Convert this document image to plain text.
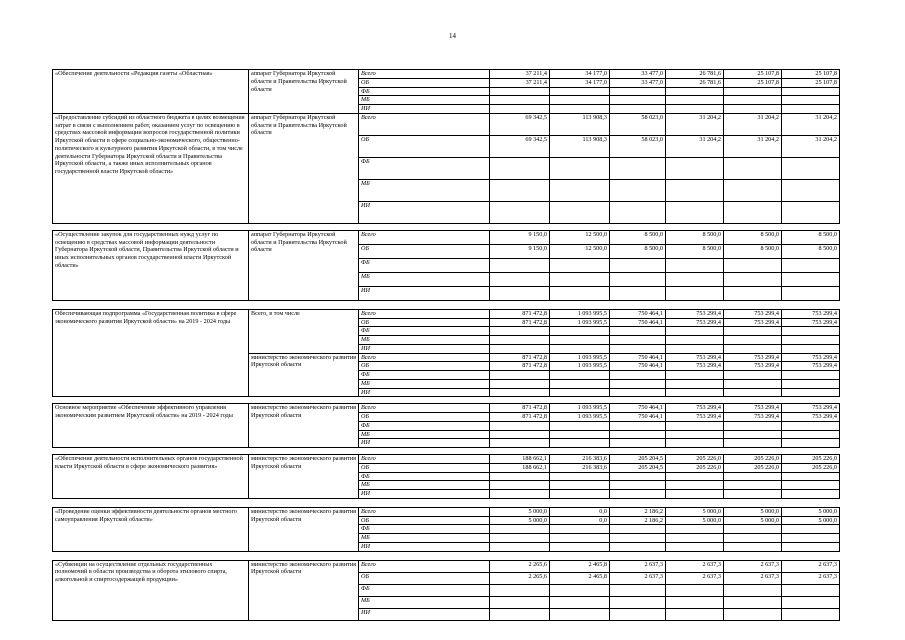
14
«Обеспечение деятельности «Редакция газеты «Областная»	аппарат Губернатора Иркутской области и Правительства Иркутской области	Всего	37 211,4	34 177,0	33 477,0	26 781,6	25 107,8	25 107,8
		ОБ	37 211,4	34 177,0	33 477,0	26 781,6	25 107,8	25 107,8
		ФБ						
		МБ						
		ИИ						
«Предоставление субсидий из областного бюджета в целях возмещения затрат в связи с выполнением работ, оказанием услуг по освещению в средствах массовой информации вопросов государственной политики Иркутской области в сфере социально-экономического, общественно-политического и культурного развития Иркутской области, в том числе деятельности Губернатора Иркутской области и Правительства Иркутской области, а также иных исполнительных органов государственной власти Иркутской области»	аппарат Губернатора Иркутской области и Правительства Иркутской области	Всего	69 342,5	113 908,3	58 023,0	31 204,2	31 204,2	31 204,2
		ОБ	69 342,5	113 908,3	58 023,0	31 204,2	31 204,2	31 204,2
		ФБ						
		МБ						
		ИИ						

«Осуществление закупок для государственных нужд услуг по освещению в средствах массовой информации деятельности Губернатора Иркутской области, Правительства Иркутской области и иных исполнительных органов государственной власти Иркутской области»	аппарат Губернатора Иркутской области и Правительства Иркутской области	Всего	9 150,0	12 500,0	8 500,0	8 500,0	8 500,0	8 500,0
		ОБ	9 150,0	12 500,0	8 500,0	8 500,0	8 500,0	8 500,0
		ФБ						
		МБ						
		ИИ						

Обеспечивающая подпрограмма «Государственная политика в сфере экономического развития Иркутской области» на 2019 - 2024 годы	Всего, в том числе	Всего	871 472,8	1 093 995,5	750 464,1	753 299,4	753 299,4	753 299,4
		ОБ	871 472,8	1 093 995,5	750 464,1	753 299,4	753 299,4	753 299,4
		ФБ						
		МБ						
		ИИ						
	министерство экономического развития Иркутской области	Всего	871 472,8	1 093 995,5	750 464,1	753 299,4	753 299,4	753 299,4
		ОБ	871 472,8	1 093 995,5	750 464,1	753 299,4	753 299,4	753 299,4
		ФБ						
		МБ						
		ИИ						

Основное мероприятие «Обеспечение эффективного управления экономическим развитием Иркутской области» на 2019 - 2024 годы	министерство экономического развития Иркутской области	Всего	871 472,8	1 093 995,5	750 464,1	753 299,4	753 299,4	753 299,4
		ОБ	871 472,8	1 093 995,5	750 464,1	753 299,4	753 299,4	753 299,4
		ФБ						
		МБ						
		ИИ						

«Обеспечение деятельности исполнительных органов государственной власти Иркутской области в сфере экономического развития»	министерство экономического развития Иркутской области	Всего	188 662,1	216 383,6	205 204,5	205 226,0	205 226,0	205 226,0
		ОБ	188 662,1	216 383,6	205 204,5	205 226,0	205 226,0	205 226,0
		ФБ						
		МБ						
		ИИ						

«Проведение оценки эффективности деятельности органов местного самоуправления Иркутской области»	министерство экономического развития Иркутской области	Всего	5 000,0	0,0	2 186,2	5 000,0	5 000,0	5 000,0
		ОБ	5 000,0	0,0	2 186,2	5 000,0	5 000,0	5 000,0
		ФБ						
		МБ						
		ИИ						

«Субвенции на осуществление отдельных государственных полномочий в области производства и оборота этилового спирта, алкогольной и спиртосодержащей продукции»	министерство экономического развития Иркутской области	Всего	2 265,6	2 465,8	2 637,3	2 637,3	2 637,3	2 637,3
		ОБ	2 265,6	2 465,8	2 637,3	2 637,3	2 637,3	2 637,3
		ФБ						
		МБ						
		ИИ						
